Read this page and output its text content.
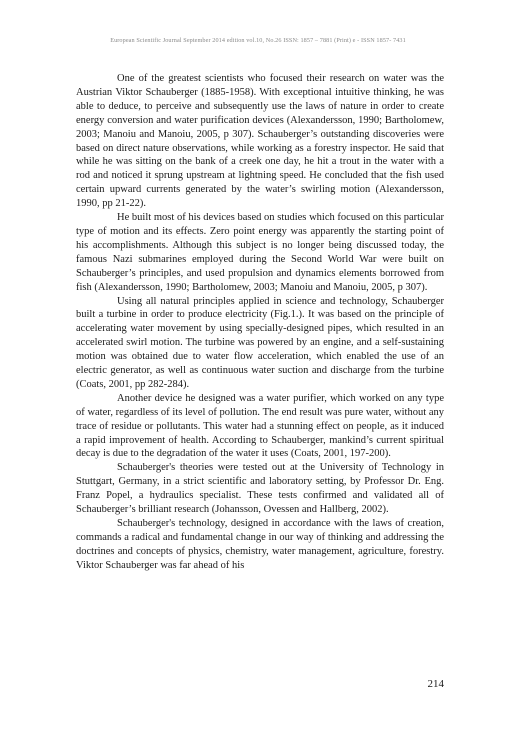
European Scientific Journal September 2014 edition vol.10, No.26 ISSN: 1857 – 7881 (Print) e - ISSN 1857- 7431

One of the greatest scientists who focused their research on water was the Austrian Viktor Schauberger (1885-1958). With exceptional intuitive thinking, he was able to deduce, to perceive and subsequently use the laws of nature in order to create energy conversion and water purification devices (Alexandersson, 1990; Bartholomew, 2003; Manoiu and Manoiu, 2005, p 307). Schauberger’s outstanding discoveries were based on direct nature observations, while working as a forestry inspector. He said that while he was sitting on the bank of a creek one day, he hit a trout in the water with a rod and noticed it sprung upstream at lightning speed. He concluded that the fish used certain upward currents generated by the water’s swirling motion (Alexandersson, 1990, pp 21-22).

He built most of his devices based on studies which focused on this particular type of motion and its effects. Zero point energy was apparently the starting point of his accomplishments. Although this subject is no longer being discussed today, the famous Nazi submarines employed during the Second World War were built on Schauberger’s principles, and used propulsion and dynamics elements borrowed from fish (Alexandersson, 1990; Bartholomew, 2003; Manoiu and Manoiu, 2005, p 307).

Using all natural principles applied in science and technology, Schauberger built a turbine in order to produce electricity (Fig.1.). It was based on the principle of accelerating water movement by using specially-designed pipes, which resulted in an accelerated swirl motion. The turbine was powered by an engine, and a self-sustaining motion was obtained due to water flow acceleration, which enabled the use of an electric generator, as well as continuous water suction and discharge from the turbine (Coats, 2001, pp 282-284).

Another device he designed was a water purifier, which worked on any type of water, regardless of its level of pollution. The end result was pure water, without any trace of residue or pollutants. This water had a stunning effect on people, as it induced a rapid improvement of health. According to Schauberger, mankind’s current spiritual decay is due to the degradation of the water it uses (Coats, 2001, 197-200).

Schauberger's theories were tested out at the University of Technology in Stuttgart, Germany, in a strict scientific and laboratory setting, by Professor Dr. Eng. Franz Popel, a hydraulics specialist. These tests confirmed and validated all of Schauberger’s brilliant research (Johansson, Ovessen and Hallberg, 2002).

Schauberger's technology, designed in accordance with the laws of creation, commands a radical and fundamental change in our way of thinking and addressing the doctrines and concepts of physics, chemistry, water management, agriculture, forestry. Viktor Schauberger was far ahead of his

214
